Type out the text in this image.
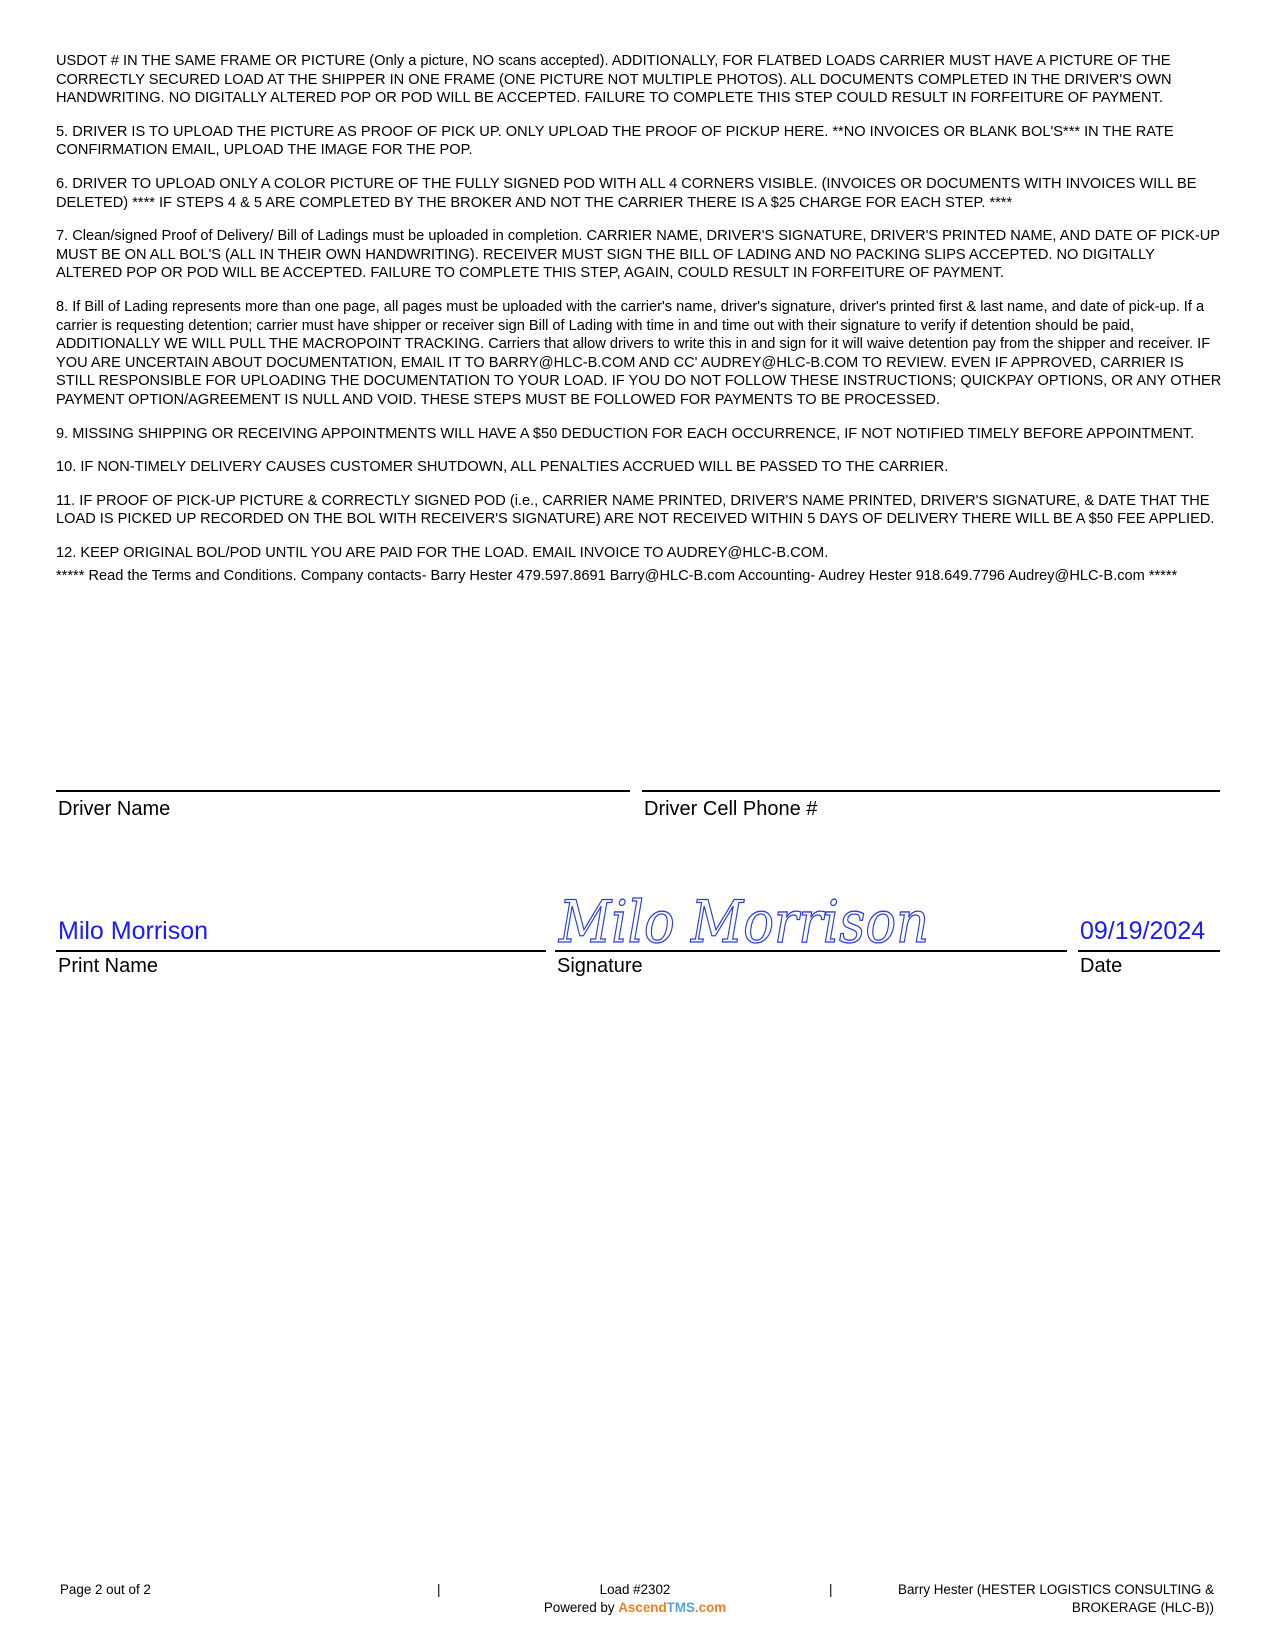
USDOT # IN THE SAME FRAME OR PICTURE (Only a picture, NO scans accepted). ADDITIONALLY, FOR FLATBED LOADS CARRIER MUST HAVE A PICTURE OF THE CORRECTLY SECURED LOAD AT THE SHIPPER IN ONE FRAME (ONE PICTURE NOT MULTIPLE PHOTOS). ALL DOCUMENTS COMPLETED IN THE DRIVER'S OWN HANDWRITING. NO DIGITALLY ALTERED POP OR POD WILL BE ACCEPTED. FAILURE TO COMPLETE THIS STEP COULD RESULT IN FORFEITURE OF PAYMENT.

5. DRIVER IS TO UPLOAD THE PICTURE AS PROOF OF PICK UP. ONLY UPLOAD THE PROOF OF PICKUP HERE. **NO INVOICES OR BLANK BOL'S*** IN THE RATE CONFIRMATION EMAIL, UPLOAD THE IMAGE FOR THE POP.

6. DRIVER TO UPLOAD ONLY A COLOR PICTURE OF THE FULLY SIGNED POD WITH ALL 4 CORNERS VISIBLE. (INVOICES OR DOCUMENTS WITH INVOICES WILL BE DELETED) **** IF STEPS 4 & 5 ARE COMPLETED BY THE BROKER AND NOT THE CARRIER THERE IS A $25 CHARGE FOR EACH STEP. ****

7. Clean/signed Proof of Delivery/ Bill of Ladings must be uploaded in completion. CARRIER NAME, DRIVER'S SIGNATURE, DRIVER'S PRINTED NAME, AND DATE OF PICK-UP MUST BE ON ALL BOL'S (ALL IN THEIR OWN HANDWRITING). RECEIVER MUST SIGN THE BILL OF LADING AND NO PACKING SLIPS ACCEPTED. NO DIGITALLY ALTERED POP OR POD WILL BE ACCEPTED. FAILURE TO COMPLETE THIS STEP, AGAIN, COULD RESULT IN FORFEITURE OF PAYMENT.

8. If Bill of Lading represents more than one page, all pages must be uploaded with the carrier's name, driver's signature, driver's printed first & last name, and date of pick-up. If a carrier is requesting detention; carrier must have shipper or receiver sign Bill of Lading with time in and time out with their signature to verify if detention should be paid, ADDITIONALLY WE WILL PULL THE MACROPOINT TRACKING. Carriers that allow drivers to write this in and sign for it will waive detention pay from the shipper and receiver. IF YOU ARE UNCERTAIN ABOUT DOCUMENTATION, EMAIL IT TO BARRY@HLC-B.COM AND CC' AUDREY@HLC-B.COM TO REVIEW. EVEN IF APPROVED, CARRIER IS STILL RESPONSIBLE FOR UPLOADING THE DOCUMENTATION TO YOUR LOAD. IF YOU DO NOT FOLLOW THESE INSTRUCTIONS; QUICKPAY OPTIONS, OR ANY OTHER PAYMENT OPTION/AGREEMENT IS NULL AND VOID. THESE STEPS MUST BE FOLLOWED FOR PAYMENTS TO BE PROCESSED.

9. MISSING SHIPPING OR RECEIVING APPOINTMENTS WILL HAVE A $50 DEDUCTION FOR EACH OCCURRENCE, IF NOT NOTIFIED TIMELY BEFORE APPOINTMENT.

10. IF NON-TIMELY DELIVERY CAUSES CUSTOMER SHUTDOWN, ALL PENALTIES ACCRUED WILL BE PASSED TO THE CARRIER.

11. IF PROOF OF PICK-UP PICTURE & CORRECTLY SIGNED POD (i.e., CARRIER NAME PRINTED, DRIVER'S NAME PRINTED, DRIVER'S SIGNATURE, & DATE THAT THE LOAD IS PICKED UP RECORDED ON THE BOL WITH RECEIVER'S SIGNATURE) ARE NOT RECEIVED WITHIN 5 DAYS OF DELIVERY THERE WILL BE A $50 FEE APPLIED.

12. KEEP ORIGINAL BOL/POD UNTIL YOU ARE PAID FOR THE LOAD. EMAIL INVOICE TO AUDREY@HLC-B.COM.

***** Read the Terms and Conditions. Company contacts- Barry Hester 479.597.8691 Barry@HLC-B.com Accounting- Audrey Hester 918.649.7796 Audrey@HLC-B.com *****

Driver Name	Driver Cell Phone #
Milo Morrison
Print Name
Milo Morrison
Signature
09/19/2024
Date
Page 2 out of 2	|	Load #2302
Powered by AscendTMS.com
|	Barry Hester (HESTER LOGISTICS CONSULTING & BROKERAGE (HLC-B))
